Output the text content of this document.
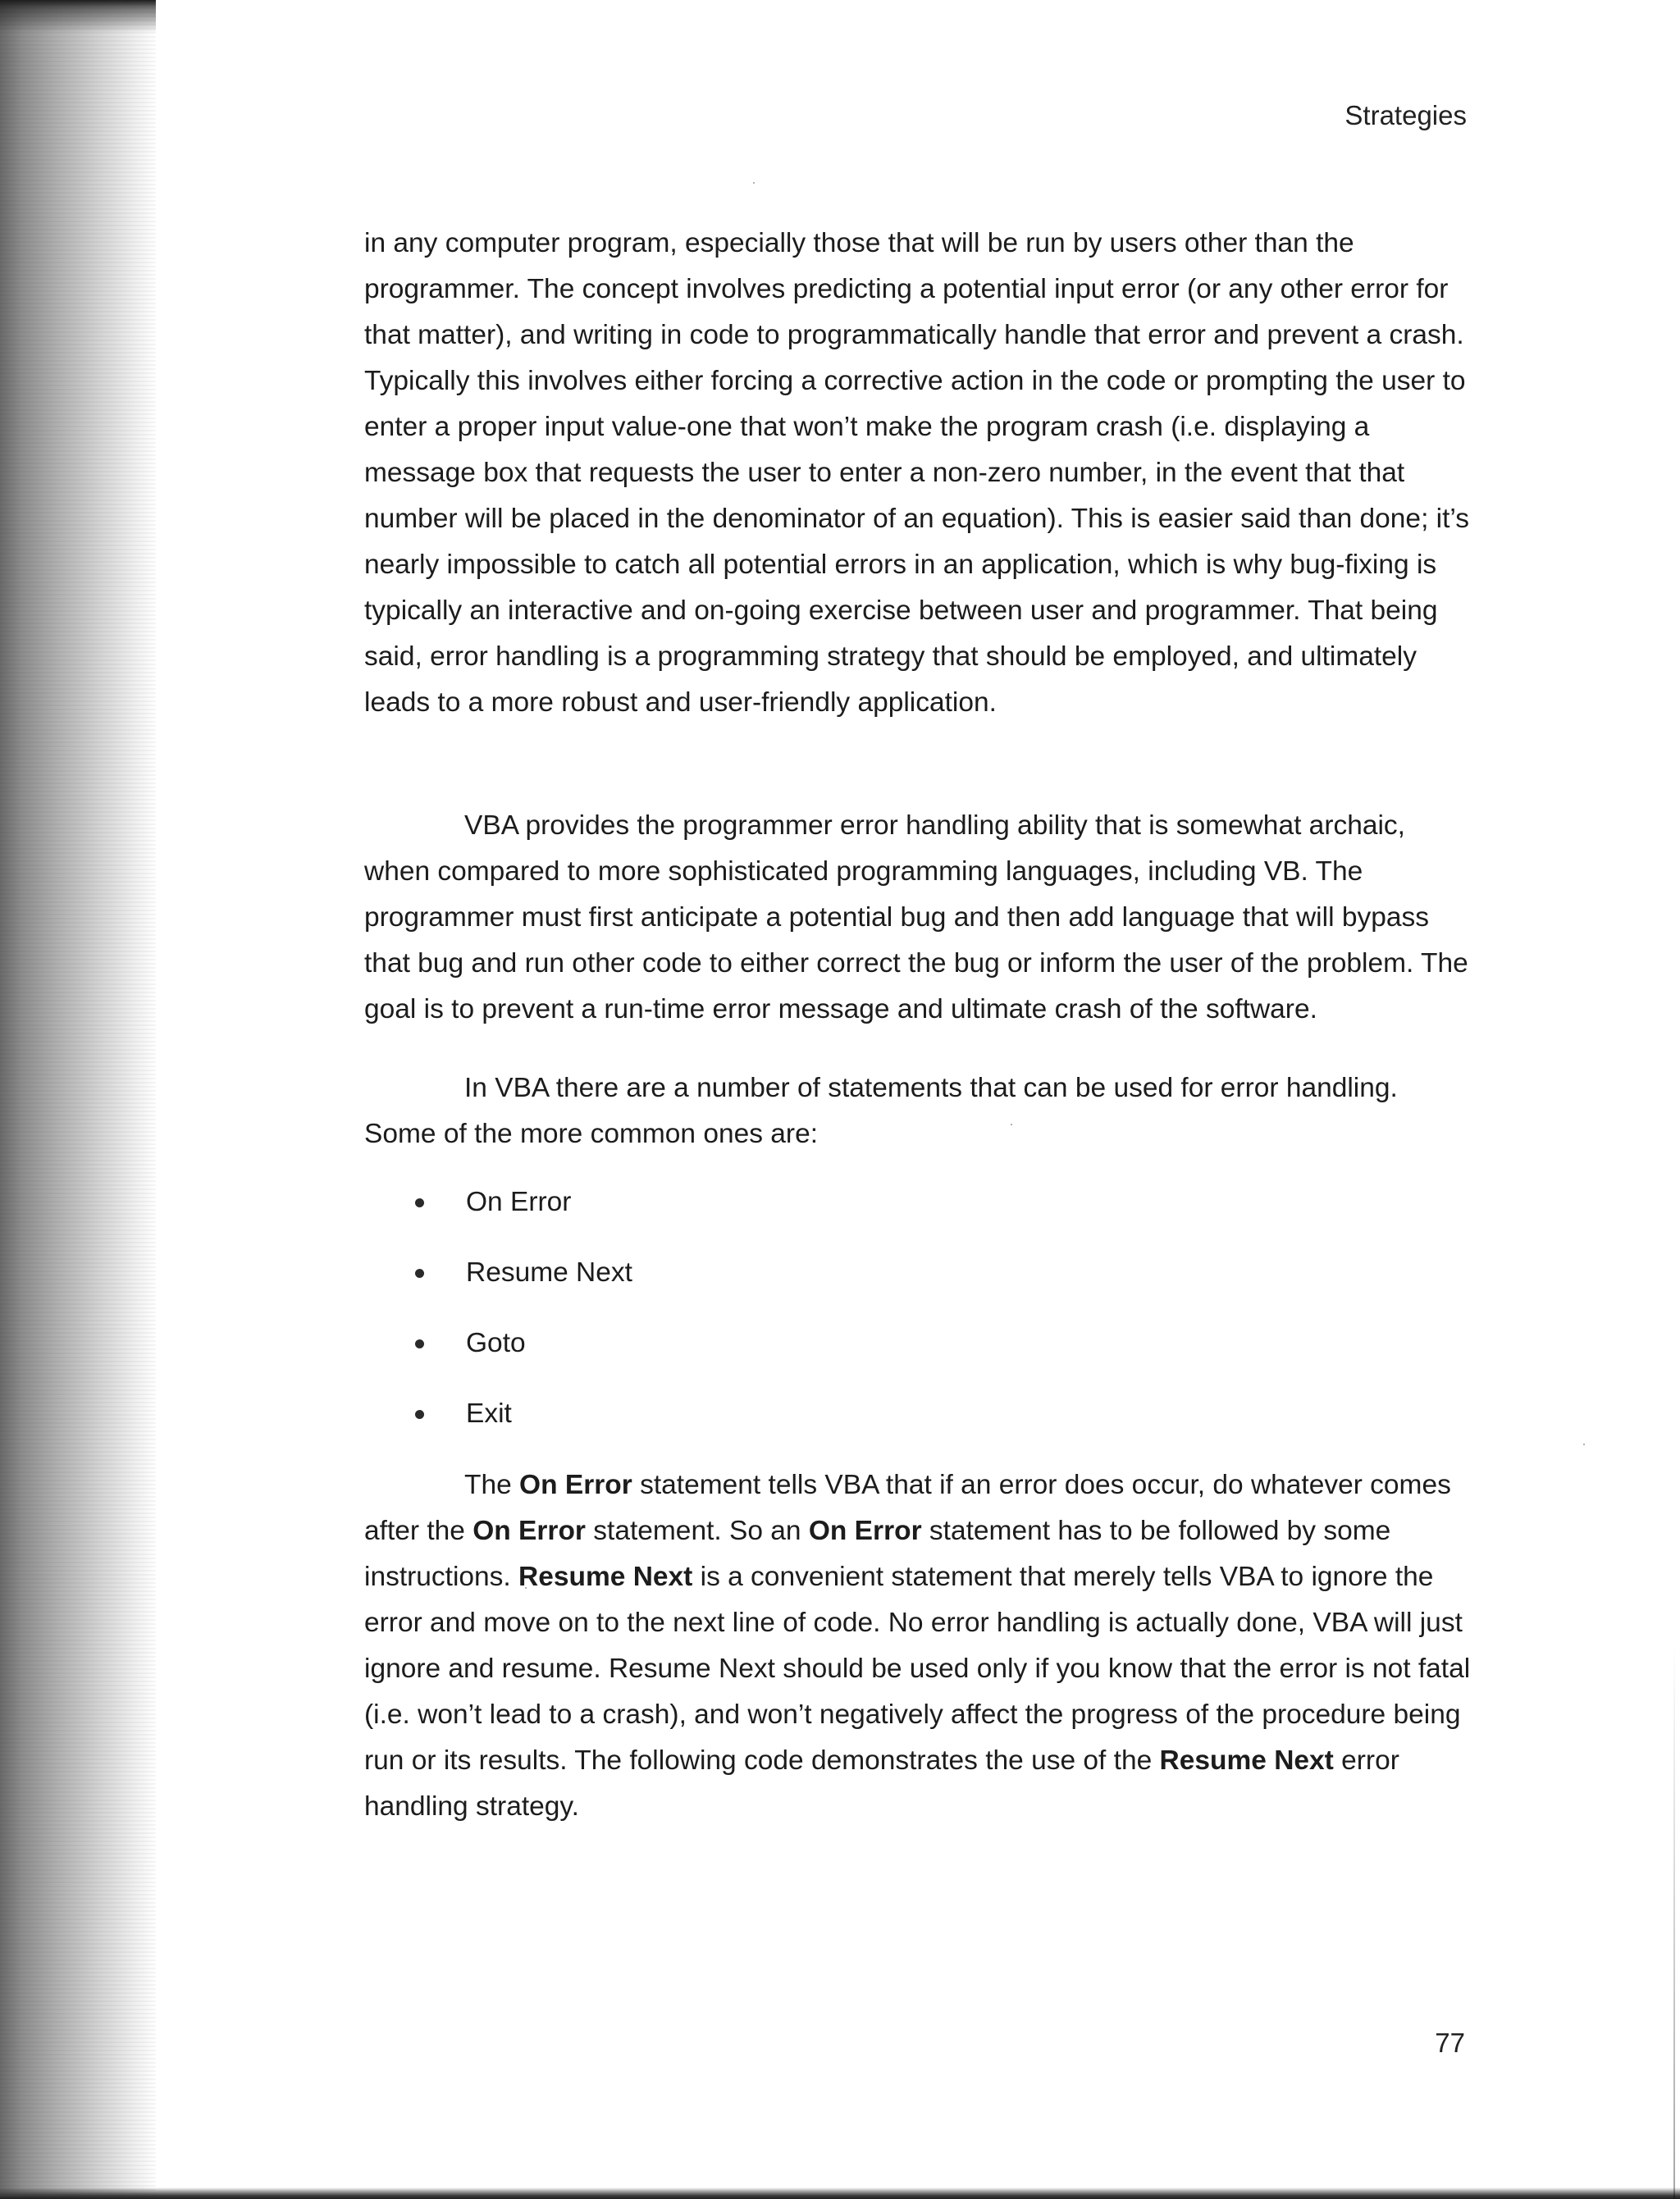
Strategies

in any computer program, especially those that will be run by users other than the programmer. The concept involves predicting a potential input error (or any other error for that matter), and writing in code to programmatically handle that error and prevent a crash. Typically this involves either forcing a corrective action in the code or prompting the user to enter a proper input value-one that won’t make the program crash (i.e. displaying a message box that requests the user to enter a non-zero number, in the event that that number will be placed in the denominator of an equation). This is easier said than done; it’s nearly impossible to catch all potential errors in an application, which is why bug-fixing is typically an interactive and on-going exercise between user and programmer. That being said, error handling is a programming strategy that should be employed, and ultimately leads to a more robust and user-friendly application.

VBA provides the programmer error handling ability that is somewhat archaic, when compared to more sophisticated programming languages, including VB. The programmer must first anticipate a potential bug and then add language that will bypass that bug and run other code to either correct the bug or inform the user of the problem. The goal is to prevent a run-time error message and ultimate crash of the software.

In VBA there are a number of statements that can be used for error handling. Some of the more common ones are:

On Error
Resume Next
Goto
Exit

The On Error statement tells VBA that if an error does occur, do whatever comes after the On Error statement. So an On Error statement has to be followed by some instructions. Resume Next is a convenient statement that merely tells VBA to ignore the error and move on to the next line of code. No error handling is actually done, VBA will just ignore and resume. Resume Next should be used only if you know that the error is not fatal (i.e. won’t lead to a crash), and won’t negatively affect the progress of the procedure being run or its results. The following code demonstrates the use of the Resume Next error handling strategy.

77
